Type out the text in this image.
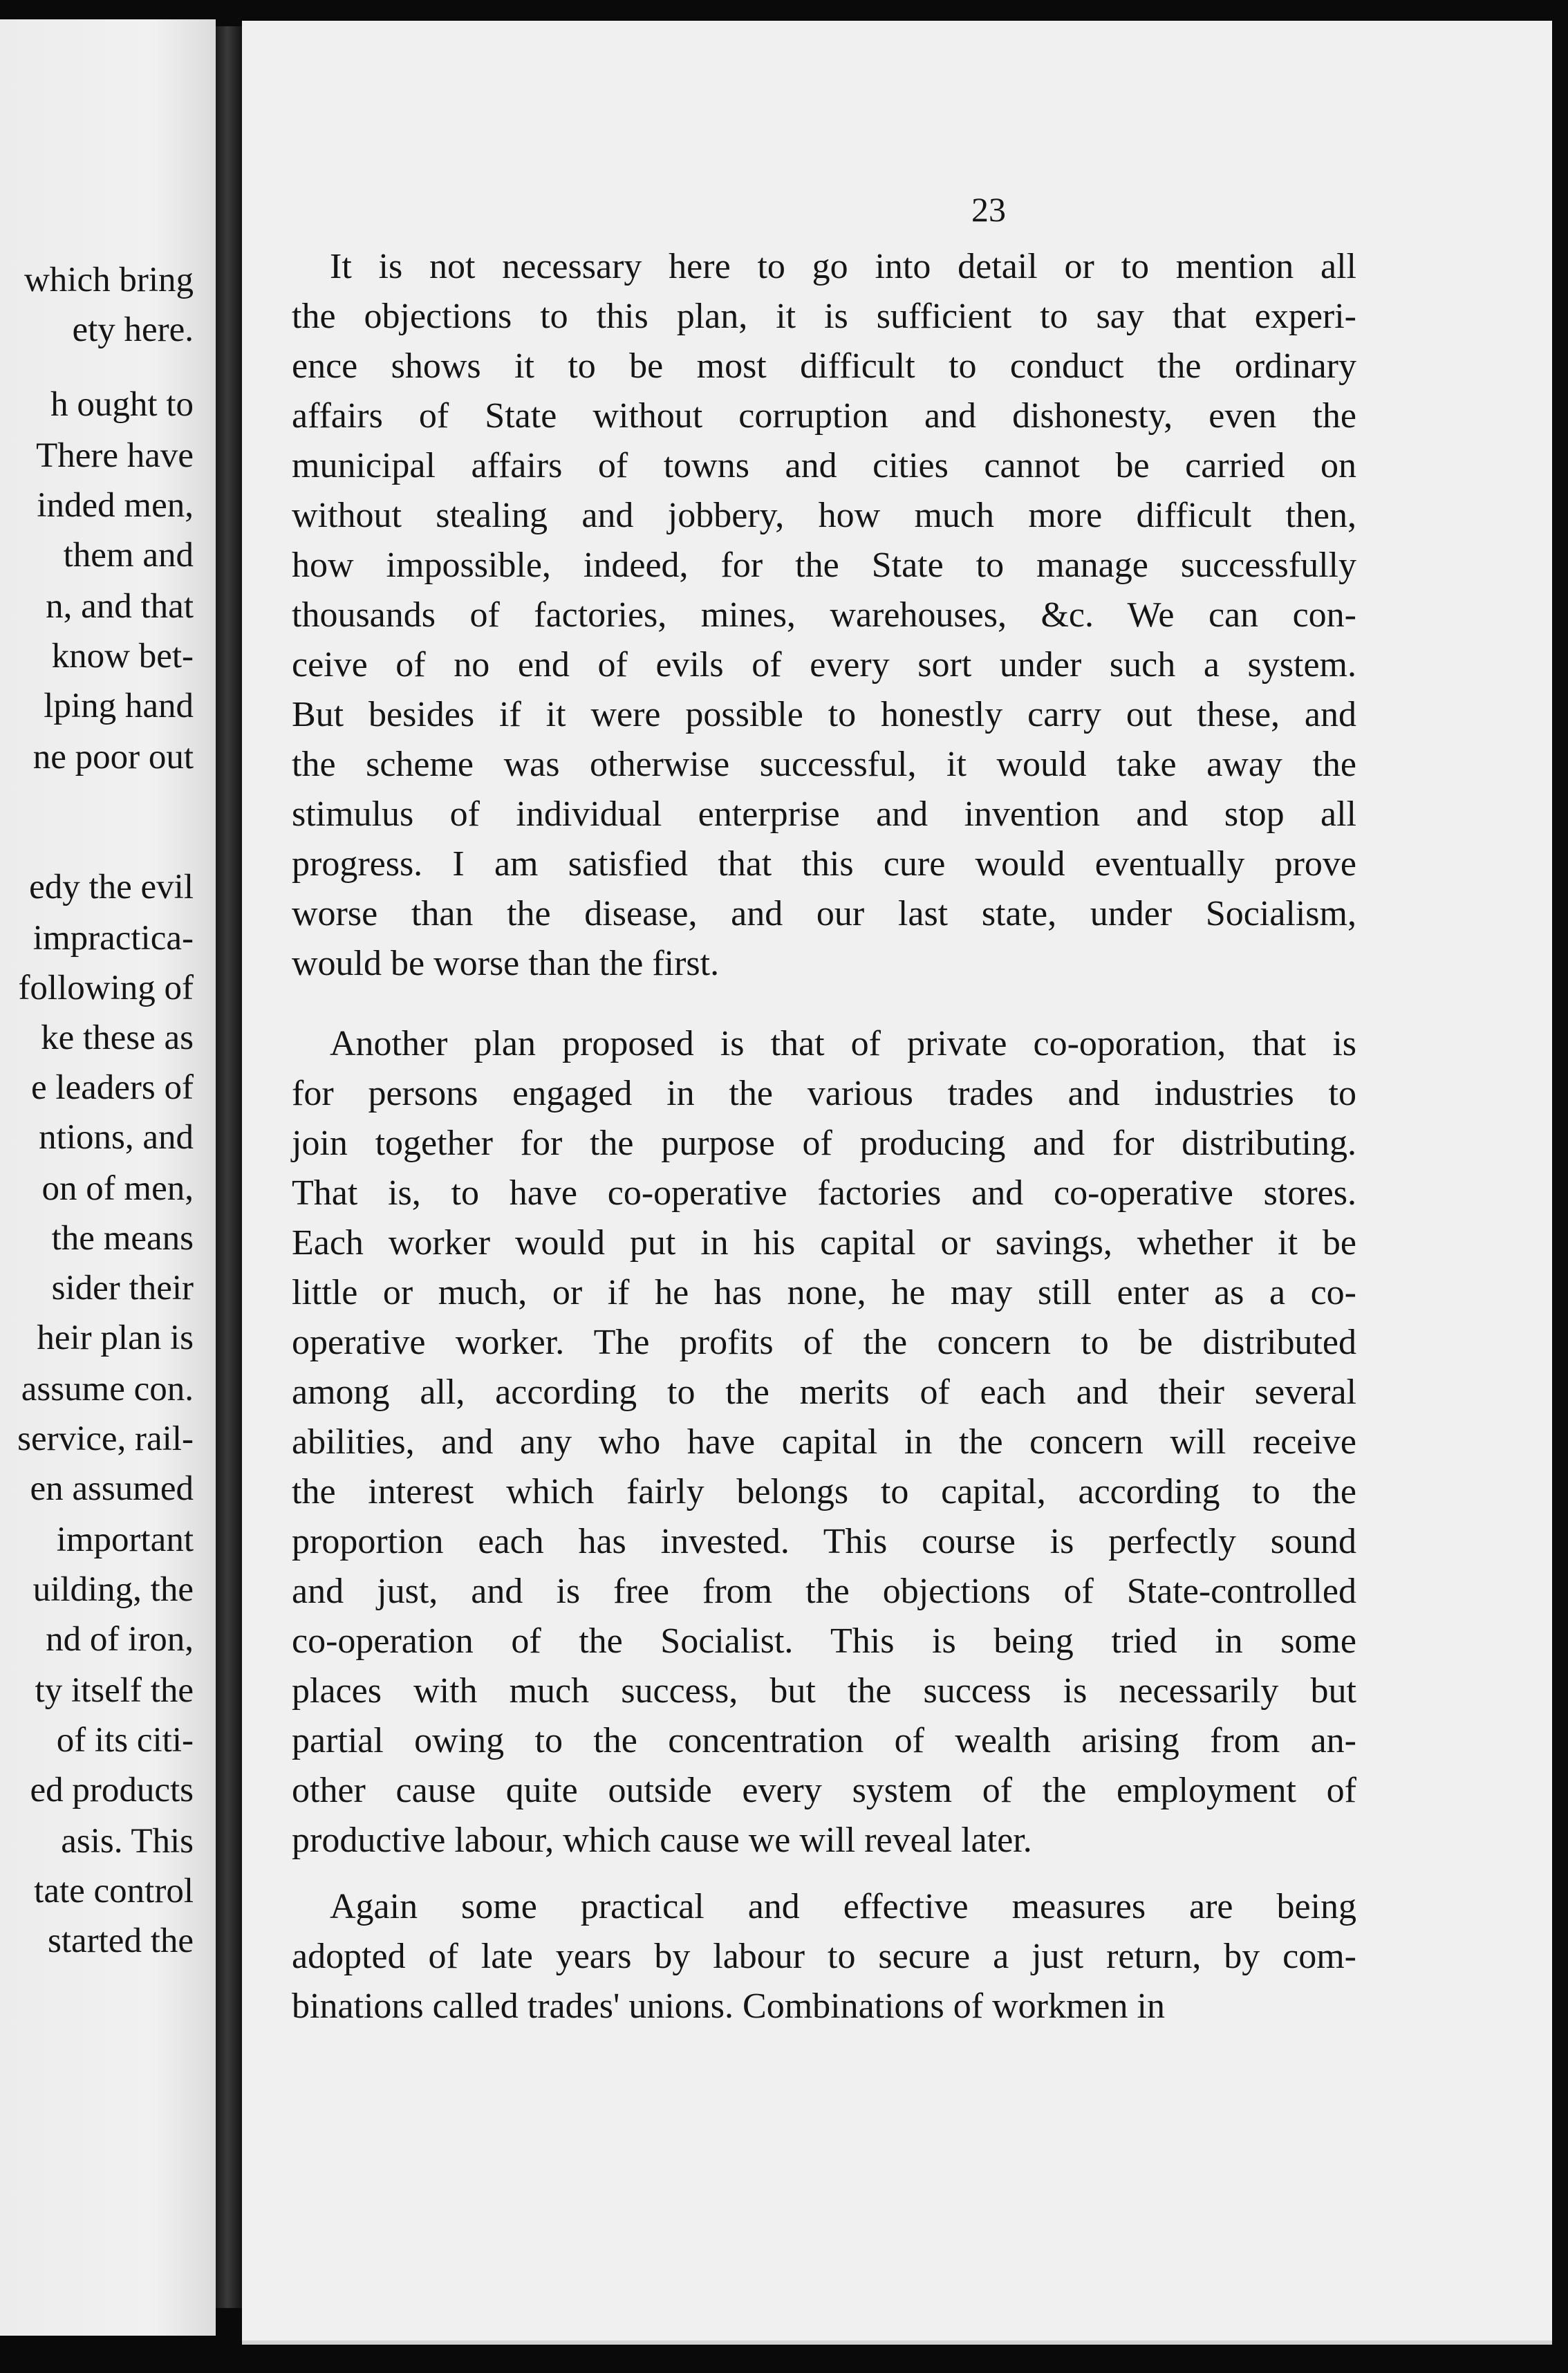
which bring
ety here.
h ought to
There have
inded men,
them and
n, and that
know bet-
lping hand
ne poor out
edy the evil
impractica-
following of
ke these as
e leaders of
ntions, and
on of men,
the means
sider their
heir plan is
assume con.
service, rail-
en assumed
important
uilding, the
nd of iron,
ty itself the
of its citi-
ed products
asis. This
tate control
started the
23
It is not necessary here to go into detail or to mention all
the objections to this plan, it is sufficient to say that experi-
ence shows it to be most difficult to conduct the ordinary
affairs of State without corruption and dishonesty, even the
municipal affairs of towns and cities cannot be carried on
without stealing and jobbery, how much more difficult then,
how impossible, indeed, for the State to manage successfully
thousands of factories, mines, warehouses, &c. We can con-
ceive of no end of evils of every sort under such a system.
But besides if it were possible to honestly carry out these, and
the scheme was otherwise successful, it would take away the
stimulus of individual enterprise and invention and stop all
progress. I am satisfied that this cure would eventually prove
worse than the disease, and our last state, under Socialism,
would be worse than the first.
Another plan proposed is that of private co-oporation, that is
for persons engaged in the various trades and industries to
join together for the purpose of producing and for distributing.
That is, to have co-operative factories and co-operative stores.
Each worker would put in his capital or savings, whether it be
little or much, or if he has none, he may still enter as a co-
operative worker. The profits of the concern to be distributed
among all, according to the merits of each and their several
abilities, and any who have capital in the concern will receive
the interest which fairly belongs to capital, according to the
proportion each has invested. This course is perfectly sound
and just, and is free from the objections of State-controlled
co-operation of the Socialist. This is being tried in some
places with much success, but the success is necessarily but
partial owing to the concentration of wealth arising from an-
other cause quite outside every system of the employment of
productive labour, which cause we will reveal later.
Again some practical and effective measures are being
adopted of late years by labour to secure a just return, by com-
binations called trades' unions. Combinations of workmen in
